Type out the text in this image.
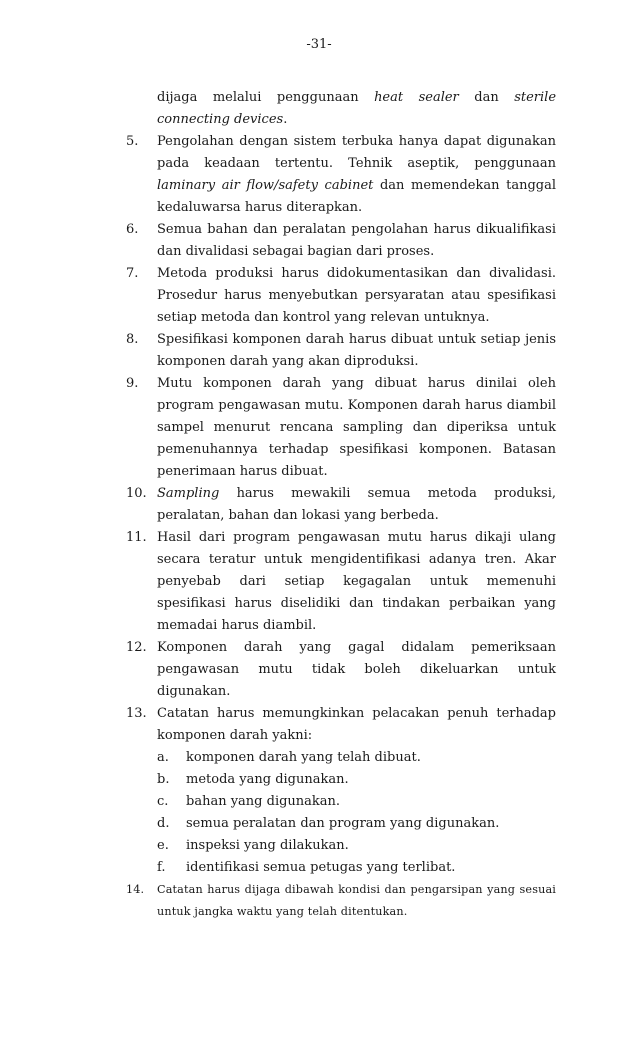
-31-
dijaga melalui penggunaan heat sealer dan sterile connecting devices.
5.	Pengolahan dengan sistem terbuka hanya dapat digunakan pada keadaan tertentu. Tehnik aseptik, penggunaan laminary air flow/safety cabinet dan memendekan tanggal kedaluwarsa harus diterapkan.
6.	Semua bahan dan peralatan pengolahan harus dikualifikasi dan divalidasi sebagai bagian dari proses.
7.	Metoda produksi harus didokumentasikan dan divalidasi. Prosedur harus menyebutkan persyaratan atau spesifikasi setiap metoda dan kontrol yang relevan untuknya.
8.	Spesifikasi komponen darah harus dibuat untuk setiap jenis komponen darah yang akan diproduksi.
9.	Mutu komponen darah yang dibuat harus dinilai oleh program pengawasan mutu. Komponen darah harus diambil sampel menurut rencana sampling dan diperiksa untuk pemenuhannya terhadap spesifikasi komponen. Batasan penerimaan harus dibuat.
10. Sampling harus mewakili semua metoda produksi, peralatan, bahan dan lokasi yang berbeda.
11. Hasil dari program pengawasan mutu harus dikaji ulang secara teratur untuk mengidentifikasi adanya tren. Akar penyebab dari setiap kegagalan untuk memenuhi spesifikasi harus diselidiki dan tindakan perbaikan yang memadai harus diambil.
12. Komponen darah yang gagal didalam pemeriksaan pengawasan mutu tidak boleh dikeluarkan untuk digunakan.
13. Catatan harus memungkinkan pelacakan penuh terhadap komponen darah yakni:
a.	komponen darah yang telah dibuat.
b.	metoda yang digunakan.
c.	bahan yang digunakan.
d.	semua peralatan dan program yang digunakan.
e.	inspeksi yang dilakukan.
f.	identifikasi semua petugas yang terlibat.
14.	Catatan harus dijaga dibawah kondisi dan pengarsipan yang sesuai untuk jangka waktu yang telah ditentukan.
